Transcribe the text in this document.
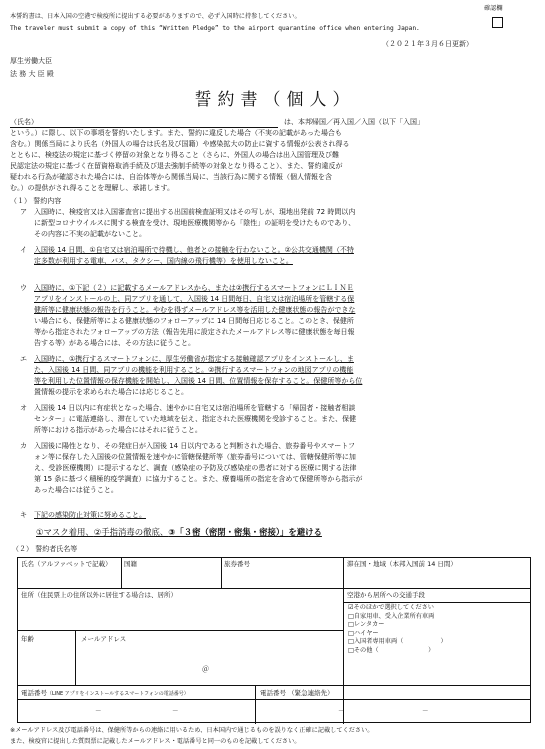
確認欄
本誓約書は、日本入国の空港で検疫所に提出する必要がありますので、必ず入国時に持参してください。
The traveler must submit a copy of this “Written Pledge” to the airport quarantine office when entering Japan.
（２０２１年３月６日更新）
厚生労働大臣
法 務 大 臣 殿
誓約書（個人）
（氏名）	は、本邦帰国／再入国／入国（以下「入国」
という。）に際し、以下の事項を誓約いたします。また、誓約に違反した場合（不実の記載があった場合も
含む。）関係当局により氏名（外国人の場合は氏名及び国籍）や感染拡大の防止に資する情報が公表され得る
とともに、検疫法の規定に基づく停留の対象となり得ること（さらに、外国人の場合は出入国管理及び難
民認定法の規定に基づく在留資格取消手続及び退去強制手続等の対象となり得ること）、また、誓約違反が
疑われる行為が確認された場合には、自治体等から関係当局に、当該行為に関する情報（個人情報を含
む。）の提供がされ得ることを理解し、承諾します。
（１） 誓約内容
ア 入国時に、検疫官又は入国審査官に提出する出国前検査証明又はその写しが、現地出発前 72 時間以内
に新型コロナウイルスに関する検査を受け、現地医療機関等から「陰性」の証明を受けたものであり、
その内容に不実の記載がないこと。
イ 入国後 14 日間、①自宅又は宿泊場所で待機し、他者との接触を行わないこと。②公共交通機関（不特
定多数が利用する電車、バス、タクシー、国内線の飛行機等）を使用しないこと。
ウ 入国時に、①下記（２）に記載するメールアドレスから、または②携行するスマートフォンにＬＩＮＥ
アプリをインストールの上、同アプリを通して、入国後 14 日間毎日、自宅又は宿泊場所を管轄する保
健所等に健康状態の報告を行うこと。やむを得ずメールアドレス等を活用した健康状態の報告ができな
い場合にも、保健所等による健康状態のフォローアップに 14 日間毎日応じること。このとき、保健所
等から指定されたフォローアップの方法（報告先用に設定されたメールアドレス等に健康状態を毎日報
告する等）がある場合には、その方法に従うこと。
エ 入国時に、①携行するスマートフォンに、厚生労働省が指定する接触確認アプリをインストールし、ま
た、入国後 14 日間、同アプリの機能を利用すること。②携行するスマートフォンの地図アプリの機能
等を利用した位置情報の保存機能を開始し、入国後 14 日間、位置情報を保存すること。保健所等から位
置情報の提示を求められた場合には応じること。
オ 入国後 14 日以内に有症状となった場合、速やかに自宅又は宿泊場所を管轄する「帰国者・接触者相談
センター」に電話連絡し、滞在していた地域を伝え、指定された医療機関を受診すること。また、保健
所等における指示があった場合にはそれに従うこと。
カ 入国後に陽性となり、その発症日が入国後 14 日以内であると判断された場合、旅券番号やスマートフ
ォン等に保存した入国後の位置情報を速やかに管轄保健所等（旅券番号については、管轄保健所等に加
え、受診医療機関）に提示するなど、調査（感染症の予防及び感染症の患者に対する医療に関する法律
第 15 条に基づく積極的疫学調査）に協力すること。また、療養場所の指定を含めて保健所等から指示が
あった場合には従うこと。
キ 下記の感染防止対策に努めること。
①マスク着用、②手指消毒の徹底、③「３密（密閉・密集・密接）」を避ける
（２） 誓約者氏名等
氏名（アルファベットで記載） 国籍	旅券番号	滞在国・地域（本邦入国前 14 日間）
住所（住民票上の住所以外に居住する場合は、居所）	空港から居所への交通手段
☑そのほかで選択してください
□自家用車、受入企業所有車両
□レンタカー
□ハイヤー
□入国者専用車両（　　　　　　）
□その他（　　　　　　　　）
年齢	メールアドレス
＠
電話番号（LINE アプリをインストールするスマートフォンの電話番号）	電話番号 （緊急連絡先）
－	－	－	－
※メールアドレス及び電話番号は、保健所等からの連絡に用いるため、日本国内で通じるものを誤りなく正確に記載してください。
また、検疫官に提出した質問票に記載したメールアドレス・電話番号と同一のものを記載してください。
